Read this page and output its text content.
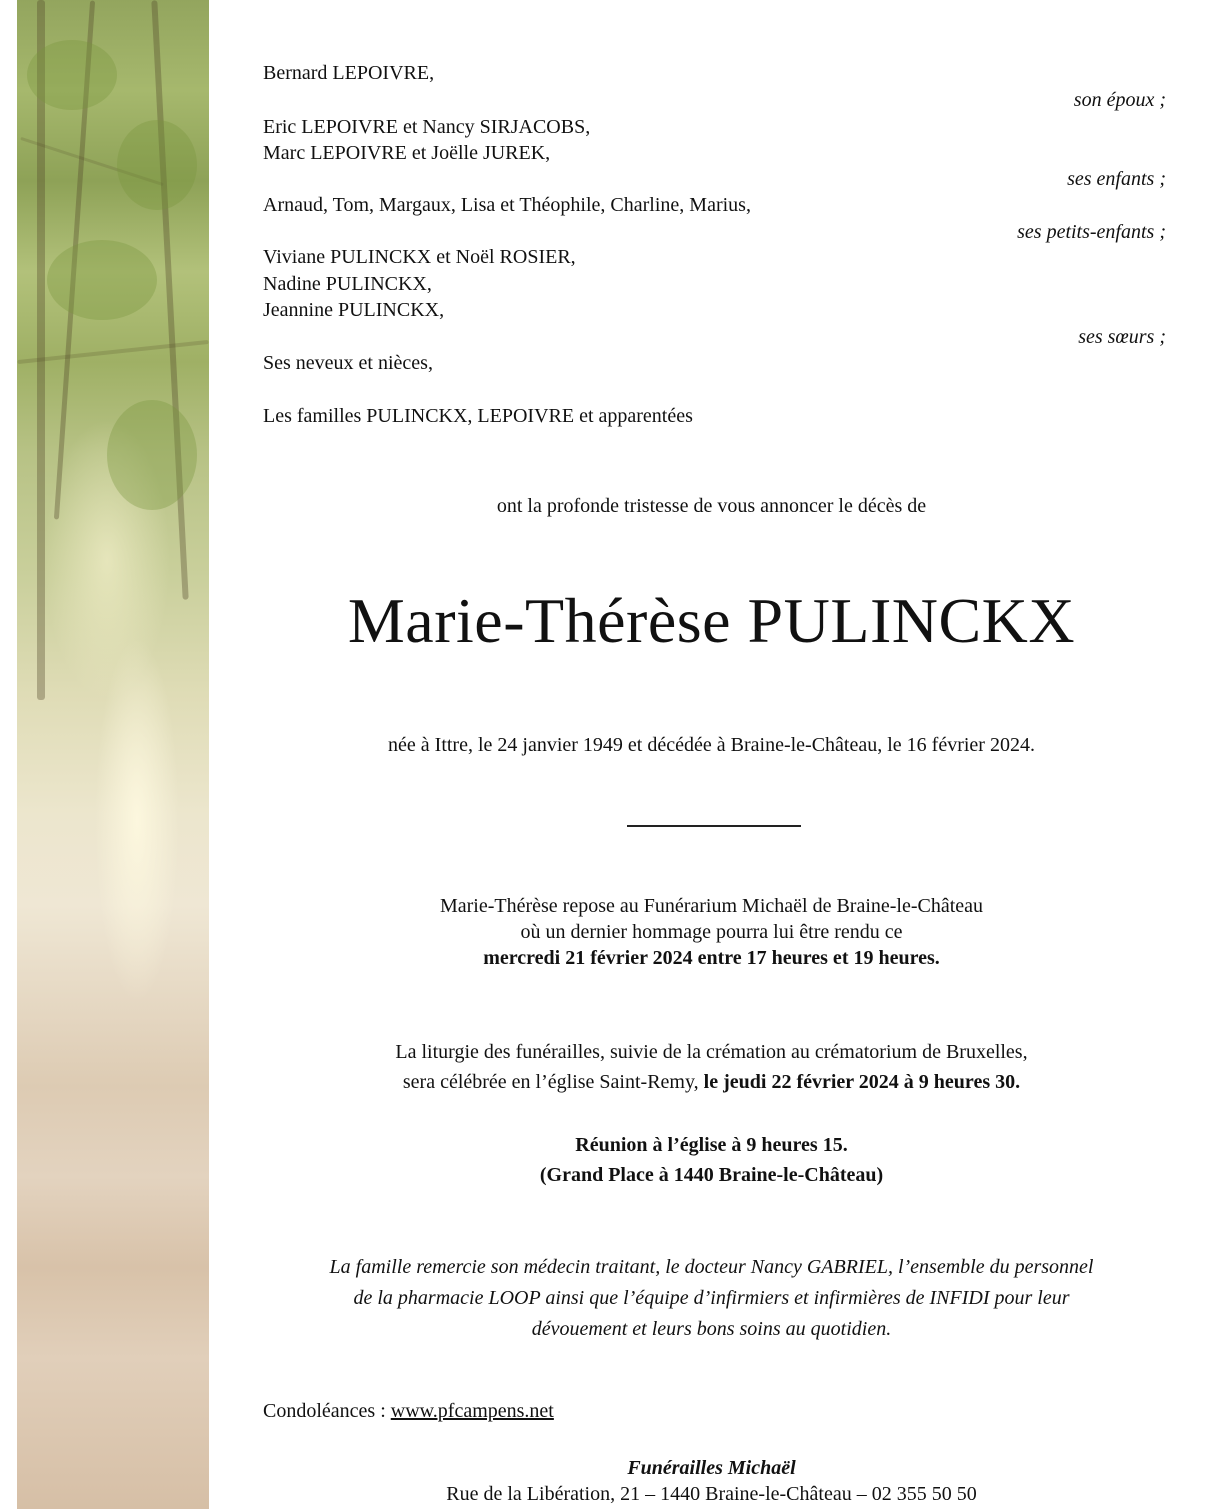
Bernard LEPOIVRE,
son époux ;
Eric LEPOIVRE et Nancy SIRJACOBS,
Marc LEPOIVRE et Joëlle JUREK,
ses enfants ;
Arnaud, Tom, Margaux, Lisa et Théophile, Charline, Marius,
ses petits-enfants ;
Viviane PULINCKX et Noël ROSIER,
Nadine PULINCKX,
Jeannine PULINCKX,
ses sœurs ;
Ses neveux et nièces,
Les familles PULINCKX, LEPOIVRE et apparentées
ont la profonde tristesse de vous annoncer le décès de
Marie-Thérèse PULINCKX
née à Ittre, le 24 janvier 1949 et décédée à Braine-le-Château, le 16 février 2024.
Marie-Thérèse repose au Funérarium Michaël de Braine-le-Château
où un dernier hommage pourra lui être rendu ce
mercredi 21 février 2024 entre 17 heures et 19 heures.
La liturgie des funérailles, suivie de la crémation au crématorium de Bruxelles,
sera célébrée en l’église Saint-Remy, le jeudi 22 février 2024 à 9 heures 30.
Réunion à l’église à 9 heures 15.
(Grand Place à 1440 Braine-le-Château)
La famille remercie son médecin traitant, le docteur Nancy GABRIEL, l’ensemble du personnel
de la pharmacie LOOP ainsi que l’équipe d’infirmiers et infirmières de INFIDI pour leur
dévouement et leurs bons soins au quotidien.
Condoléances : www.pfcampens.net
Funérailles Michaël
Rue de la Libération, 21 – 1440 Braine-le-Château – 02 355 50 50
